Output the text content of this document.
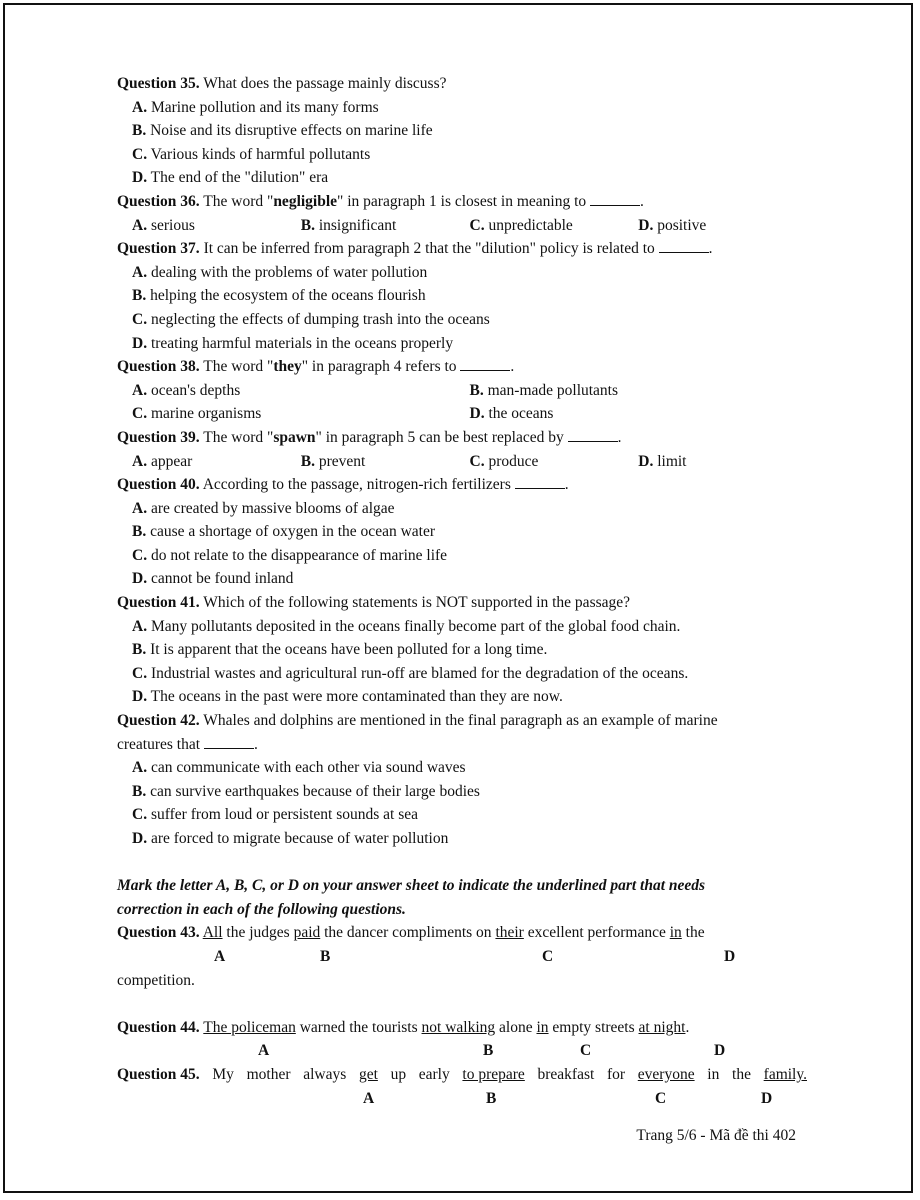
Question 35. What does the passage mainly discuss?
A. Marine pollution and its many forms
B. Noise and its disruptive effects on marine life
C. Various kinds of harmful pollutants
D. The end of the "dilution" era
Question 36. The word "negligible" in paragraph 1 is closest in meaning to	.
A. serious	B. insignificant	C. unpredictable	D. positive
Question 37. It can be inferred from paragraph 2 that the "dilution" policy is related to	.
A. dealing with the problems of water pollution
B. helping the ecosystem of the oceans flourish
C. neglecting the effects of dumping trash into the oceans
D. treating harmful materials in the oceans properly
Question 38. The word "they" in paragraph 4 refers to	.
A. ocean's depths	B. man-made pollutants
C. marine organisms	D. the oceans
Question 39. The word "spawn" in paragraph 5 can be best replaced by	.
A. appear	B. prevent	C. produce	D. limit
Question 40. According to the passage, nitrogen-rich fertilizers	.
A. are created by massive blooms of algae
B. cause a shortage of oxygen in the ocean water
C. do not relate to the disappearance of marine life
D. cannot be found inland
Question 41. Which of the following statements is NOT supported in the passage?
A. Many pollutants deposited in the oceans finally become part of the global food chain.
B. It is apparent that the oceans have been polluted for a long time.
C. Industrial wastes and agricultural run-off are blamed for the degradation of the oceans.
D. The oceans in the past were more contaminated than they are now.
Question 42. Whales and dolphins are mentioned in the final paragraph as an example of marine
creatures that	.
A. can communicate with each other via sound waves
B. can survive earthquakes because of their large bodies
C. suffer from loud or persistent sounds at sea
D. are forced to migrate because of water pollution
Mark the letter A, B, C, or D on your answer sheet to indicate the underlined part that needs
correction in each of the following questions.
Question 43. All the judges paid the dancer compliments on their excellent performance in the
A	B	C	D
competition.
Question 44. The policeman warned the tourists not walking alone in empty streets at night.
A	B	C	D
Question 45. My mother always get up early to prepare breakfast for everyone in the family.
A	B	C	D
Trang 5/6 - Mã đề thi 402
